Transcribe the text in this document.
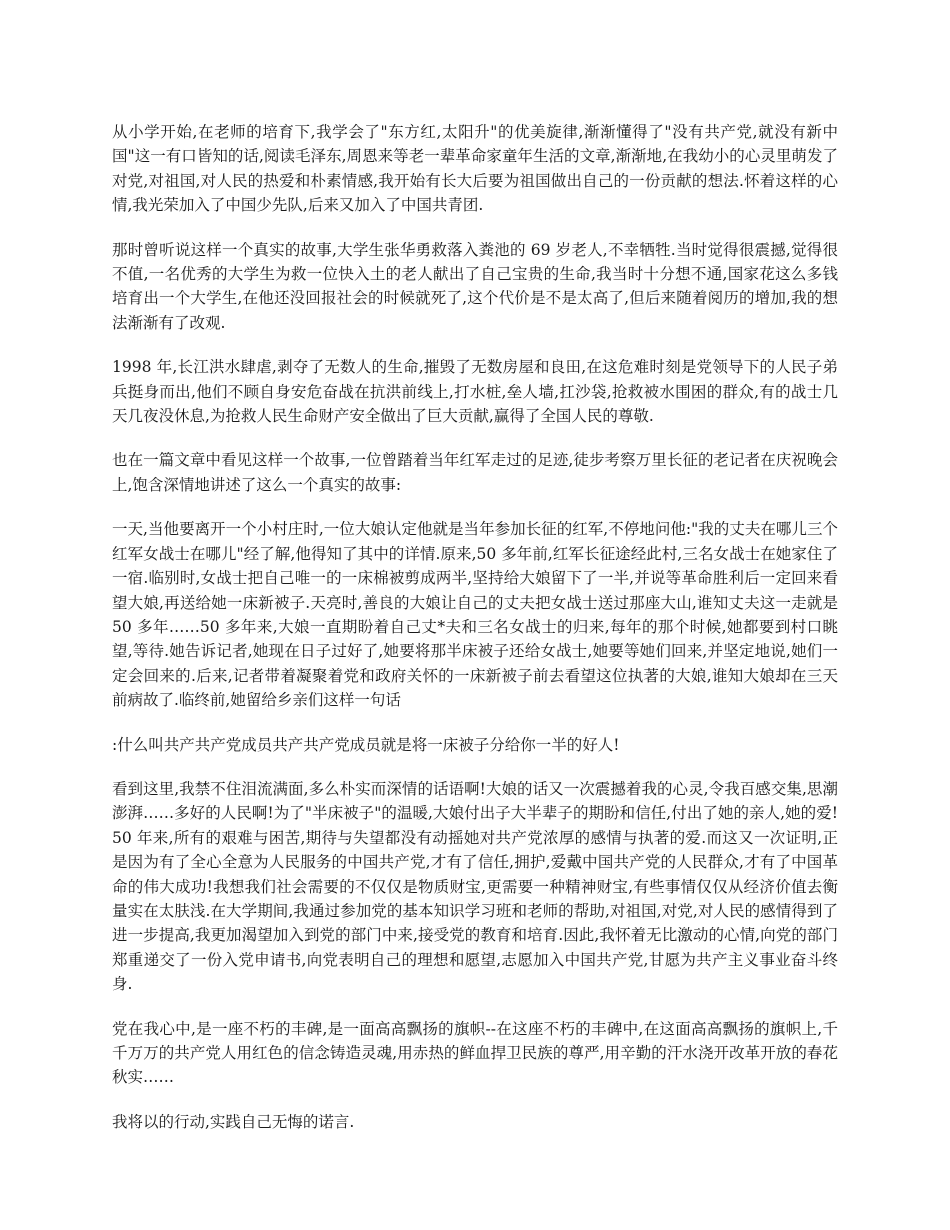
从小学开始,在老师的培育下,我学会了"东方红,太阳升"的优美旋律,渐渐懂得了"没有共产党,就没有新中国"这一有口皆知的话,阅读毛泽东,周恩来等老一辈革命家童年生活的文章,渐渐地,在我幼小的心灵里萌发了对党,对祖国,对人民的热爱和朴素情感,我开始有长大后要为祖国做出自己的一份贡献的想法.怀着这样的心情,我光荣加入了中国少先队,后来又加入了中国共青团.

那时曾听说这样一个真实的故事,大学生张华勇救落入粪池的 69 岁老人,不幸牺牲.当时觉得很震撼,觉得很不值,一名优秀的大学生为救一位快入土的老人献出了自己宝贵的生命,我当时十分想不通,国家花这么多钱培育出一个大学生,在他还没回报社会的时候就死了,这个代价是不是太高了,但后来随着阅历的增加,我的想法渐渐有了改观.

1998 年,长江洪水肆虐,剥夺了无数人的生命,摧毁了无数房屋和良田,在这危难时刻是党领导下的人民子弟兵挺身而出,他们不顾自身安危奋战在抗洪前线上,打水桩,垒人墙,扛沙袋,抢救被水围困的群众,有的战士几天几夜没休息,为抢救人民生命财产安全做出了巨大贡献,赢得了全国人民的尊敬.

也在一篇文章中看见这样一个故事,一位曾踏着当年红军走过的足迹,徒步考察万里长征的老记者在庆祝晚会上,饱含深情地讲述了这么一个真实的故事:

一天,当他要离开一个小村庄时,一位大娘认定他就是当年参加长征的红军,不停地问他:"我的丈夫在哪儿三个红军女战士在哪儿"经了解,他得知了其中的详情.原来,50 多年前,红军长征途经此村,三名女战士在她家住了一宿.临别时,女战士把自己唯一的一床棉被剪成两半,坚持给大娘留下了一半,并说等革命胜利后一定回来看望大娘,再送给她一床新被子.天亮时,善良的大娘让自己的丈夫把女战士送过那座大山,谁知丈夫这一走就是 50 多年……50 多年来,大娘一直期盼着自己丈*夫和三名女战士的归来,每年的那个时候,她都要到村口眺望,等待.她告诉记者,她现在日子过好了,她要将那半床被子还给女战士,她要等她们回来,并坚定地说,她们一定会回来的.后来,记者带着凝聚着党和政府关怀的一床新被子前去看望这位执著的大娘,谁知大娘却在三天前病故了.临终前,她留给乡亲们这样一句话

:什么叫共产共产党成员共产共产党成员就是将一床被子分给你一半的好人!

看到这里,我禁不住泪流满面,多么朴实而深情的话语啊!大娘的话又一次震撼着我的心灵,令我百感交集,思潮澎湃……多好的人民啊!为了"半床被子"的温暖,大娘付出子大半辈子的期盼和信任,付出了她的亲人,她的爱!50 年来,所有的艰难与困苦,期待与失望都没有动摇她对共产党浓厚的感情与执著的爱.而这又一次证明,正是因为有了全心全意为人民服务的中国共产党,才有了信任,拥护,爱戴中国共产党的人民群众,才有了中国革命的伟大成功!我想我们社会需要的不仅仅是物质财宝,更需要一种精神财宝,有些事情仅仅从经济价值去衡量实在太肤浅.在大学期间,我通过参加党的基本知识学习班和老师的帮助,对祖国,对党,对人民的感情得到了进一步提高,我更加渴望加入到党的部门中来,接受党的教育和培育.因此,我怀着无比激动的心情,向党的部门郑重递交了一份入党申请书,向党表明自己的理想和愿望,志愿加入中国共产党,甘愿为共产主义事业奋斗终身.

党在我心中,是一座不朽的丰碑,是一面高高飘扬的旗帜--在这座不朽的丰碑中,在这面高高飘扬的旗帜上,千千万万的共产党人用红色的信念铸造灵魂,用赤热的鲜血捍卫民族的尊严,用辛勤的汗水浇开改革开放的春花秋实……

我将以的行动,实践自己无悔的诺言.
